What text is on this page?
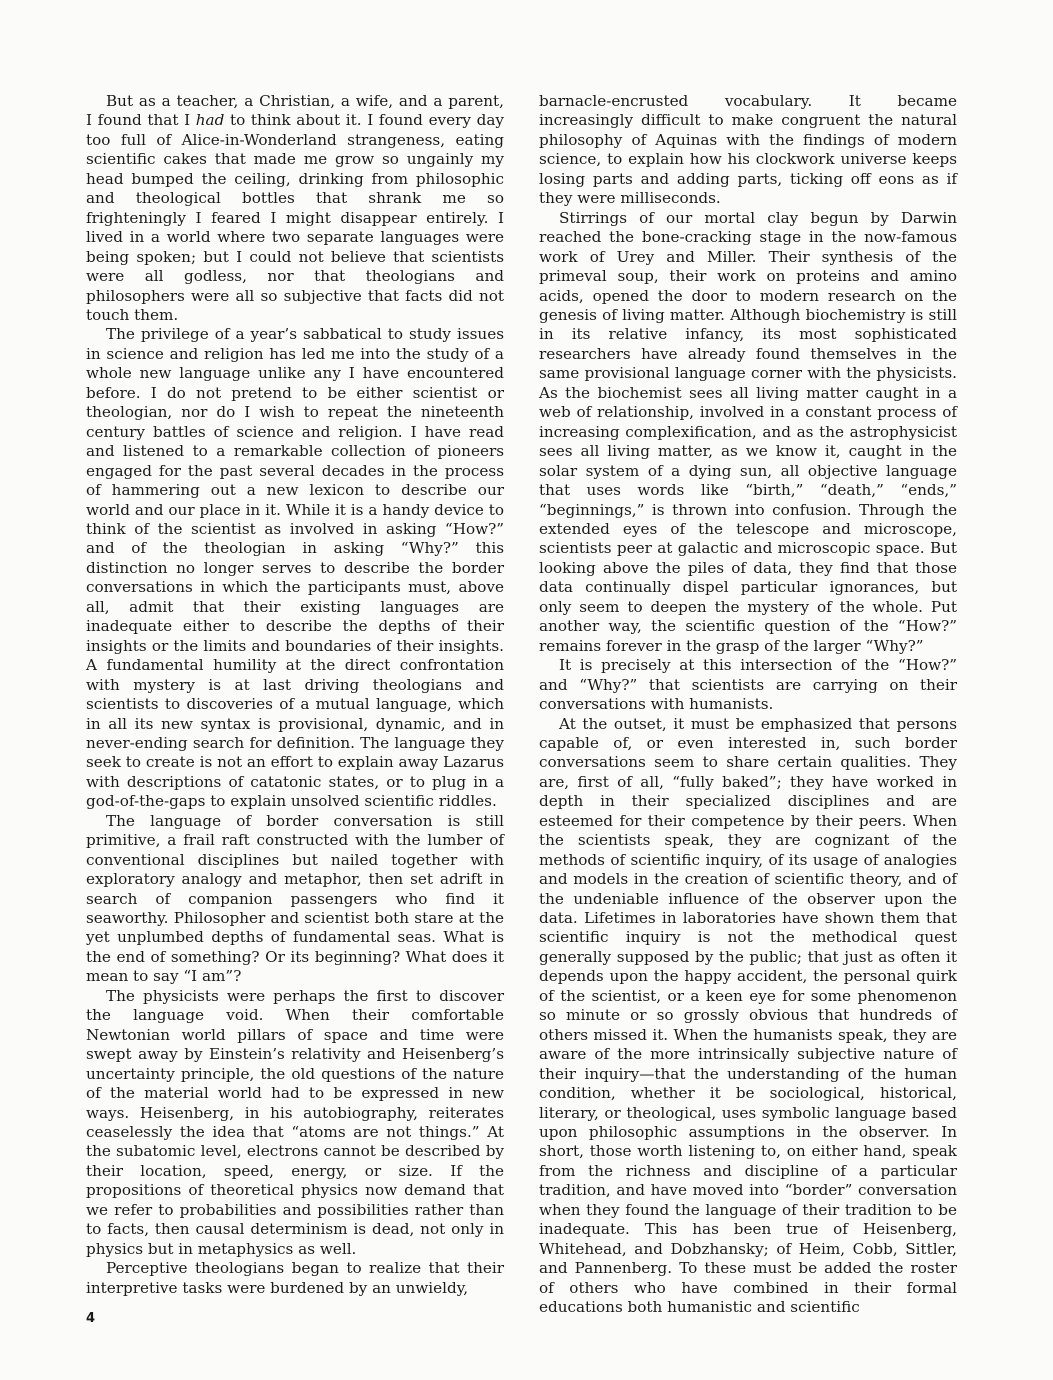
But as a teacher, a Christian, a wife, and a parent, I found that I had to think about it. I found every day too full of Alice-in-Wonderland strangeness, eating scientific cakes that made me grow so ungainly my head bumped the ceiling, drinking from philosophic and theological bottles that shrank me so frighteningly I feared I might disappear entirely. I lived in a world where two separate languages were being spoken; but I could not believe that scientists were all godless, nor that theologians and philosophers were all so subjective that facts did not touch them.

The privilege of a year’s sabbatical to study issues in science and religion has led me into the study of a whole new language unlike any I have encountered before. I do not pretend to be either scientist or theologian, nor do I wish to repeat the nineteenth century battles of science and religion. I have read and listened to a remarkable collection of pioneers engaged for the past several decades in the process of hammering out a new lexicon to describe our world and our place in it. While it is a handy device to think of the scientist as involved in asking “How?” and of the theologian in asking “Why?” this distinction no longer serves to describe the border conversations in which the participants must, above all, admit that their existing languages are inadequate either to describe the depths of their insights or the limits and boundaries of their insights. A fundamental humility at the direct confrontation with mystery is at last driving theologians and scientists to discoveries of a mutual language, which in all its new syntax is provisional, dynamic, and in never-ending search for definition. The language they seek to create is not an effort to explain away Lazarus with descriptions of catatonic states, or to plug in a god-of-the-gaps to explain unsolved scientific riddles.

The language of border conversation is still primitive, a frail raft constructed with the lumber of conventional disciplines but nailed together with exploratory analogy and metaphor, then set adrift in search of companion passengers who find it seaworthy. Philosopher and scientist both stare at the yet unplumbed depths of fundamental seas. What is the end of something? Or its beginning? What does it mean to say “I am”?

The physicists were perhaps the first to discover the language void. When their comfortable Newtonian world pillars of space and time were swept away by Einstein’s relativity and Heisenberg’s uncertainty principle, the old questions of the nature of the material world had to be expressed in new ways. Heisenberg, in his autobiography, reiterates ceaselessly the idea that “atoms are not things.” At the subatomic level, electrons cannot be described by their location, speed, energy, or size. If the propositions of theoretical physics now demand that we refer to probabilities and possibilities rather than to facts, then causal determinism is dead, not only in physics but in metaphysics as well.

Perceptive theologians began to realize that their interpretive tasks were burdened by an unwieldy,

barnacle-encrusted vocabulary. It became increasingly difficult to make congruent the natural philosophy of Aquinas with the findings of modern science, to explain how his clockwork universe keeps losing parts and adding parts, ticking off eons as if they were milliseconds.

Stirrings of our mortal clay begun by Darwin reached the bone-cracking stage in the now-famous work of Urey and Miller. Their synthesis of the primeval soup, their work on proteins and amino acids, opened the door to modern research on the genesis of living matter. Although biochemistry is still in its relative infancy, its most sophisticated researchers have already found themselves in the same provisional language corner with the physicists. As the biochemist sees all living matter caught in a web of relationship, involved in a constant process of increasing complexification, and as the astrophysicist sees all living matter, as we know it, caught in the solar system of a dying sun, all objective language that uses words like “birth,” “death,” “ends,” “beginnings,” is thrown into confusion. Through the extended eyes of the telescope and microscope, scientists peer at galactic and microscopic space. But looking above the piles of data, they find that those data continually dispel particular ignorances, but only seem to deepen the mystery of the whole. Put another way, the scientific question of the “How?” remains forever in the grasp of the larger “Why?”

It is precisely at this intersection of the “How?” and “Why?” that scientists are carrying on their conversations with humanists.

At the outset, it must be emphasized that persons capable of, or even interested in, such border conversations seem to share certain qualities. They are, first of all, “fully baked”; they have worked in depth in their specialized disciplines and are esteemed for their competence by their peers. When the scientists speak, they are cognizant of the methods of scientific inquiry, of its usage of analogies and models in the creation of scientific theory, and of the undeniable influence of the observer upon the data. Lifetimes in laboratories have shown them that scientific inquiry is not the methodical quest generally supposed by the public; that just as often it depends upon the happy accident, the personal quirk of the scientist, or a keen eye for some phenomenon so minute or so grossly obvious that hundreds of others missed it. When the humanists speak, they are aware of the more intrinsically subjective nature of their inquiry—that the understanding of the human condition, whether it be sociological, historical, literary, or theological, uses symbolic language based upon philosophic assumptions in the observer. In short, those worth listening to, on either hand, speak from the richness and discipline of a particular tradition, and have moved into “border” conversation when they found the language of their tradition to be inadequate. This has been true of Heisenberg, Whitehead, and Dobzhansky; of Heim, Cobb, Sittler, and Pannenberg. To these must be added the roster of others who have combined in their formal educations both humanistic and scientific

4
